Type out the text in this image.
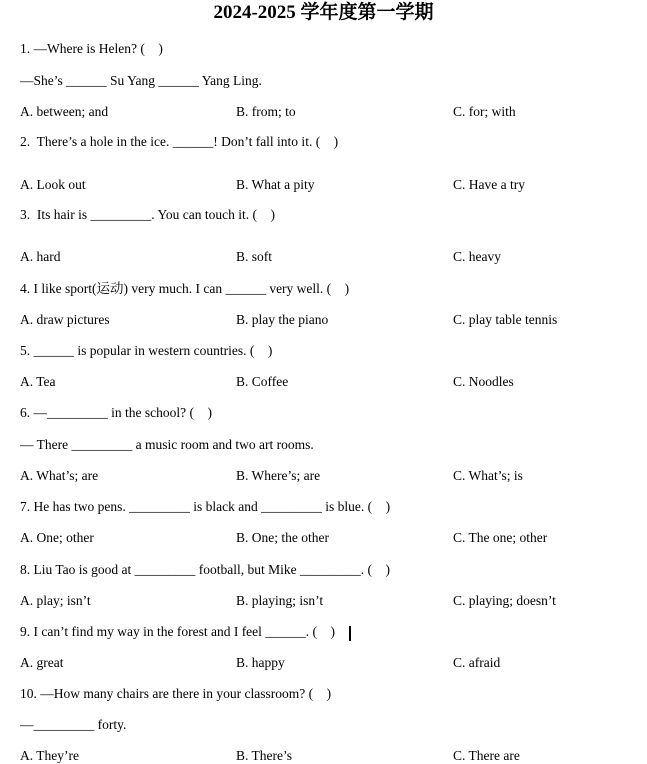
2024-2025 学年度第一学期
1. —Where is Helen? (　)
—She’s ______ Su Yang ______ Yang Ling.
A. between; and	B. from; to	C. for; with
2.  There’s a hole in the ice. ______! Don’t fall into it. (　)
A. Look out	B. What a pity	C. Have a try
3.  Its hair is _________. You can touch it. (　)
A. hard	B. soft	C. heavy
4. I like sport(运动) very much. I can ______ very well. (　)
A. draw pictures	B. play the piano	C. play table tennis
5. ______ is popular in western countries. (　)
A. Tea	B. Coffee	C. Noodles
6. —_________ in the school? (　)
— There _________ a music room and two art rooms.
A. What’s; are	B. Where’s; are	C. What’s; is
7. He has two pens. _________ is black and _________ is blue. (　)
A. One; other	B. One; the other	C. The one; other
8. Liu Tao is good at _________ football, but Mike _________. (　)
A. play; isn’t	B. playing; isn’t	C. playing; doesn’t
9. I can’t find my way in the forest and I feel ______. (　)
A. great	B. happy	C. afraid
10. —How many chairs are there in your classroom? (　)
—_________ forty.
A. They’re	B. There’s	C. There are
